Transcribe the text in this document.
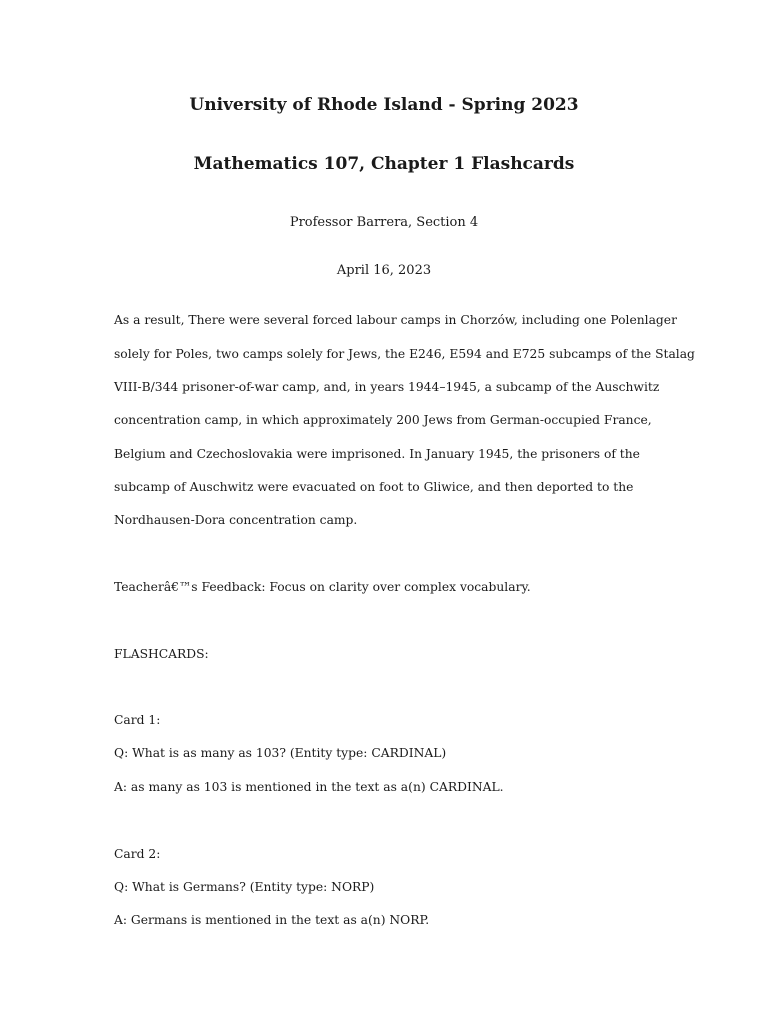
University of Rhode Island - Spring 2023
Mathematics 107, Chapter 1 Flashcards

Professor Barrera, Section 4

April 16, 2023

As a result, There were several forced labour camps in Chorzów, including one Polenlager

solely for Poles, two camps solely for Jews, the E246, E594 and E725 subcamps of the Stalag

VIII-B/344 prisoner-of-war camp, and, in years 1944–1945, a subcamp of the Auschwitz

concentration camp, in which approximately 200 Jews from German-occupied France,

Belgium and Czechoslovakia were imprisoned. In January 1945, the prisoners of the

subcamp of Auschwitz were evacuated on foot to Gliwice, and then deported to the

Nordhausen-Dora concentration camp.

Teacherâ€™s Feedback: Focus on clarity over complex vocabulary.

FLASHCARDS:

Card 1:

Q: What is as many as 103? (Entity type: CARDINAL)

A: as many as 103 is mentioned in the text as a(n) CARDINAL.

Card 2:

Q: What is Germans? (Entity type: NORP)

A: Germans is mentioned in the text as a(n) NORP.
